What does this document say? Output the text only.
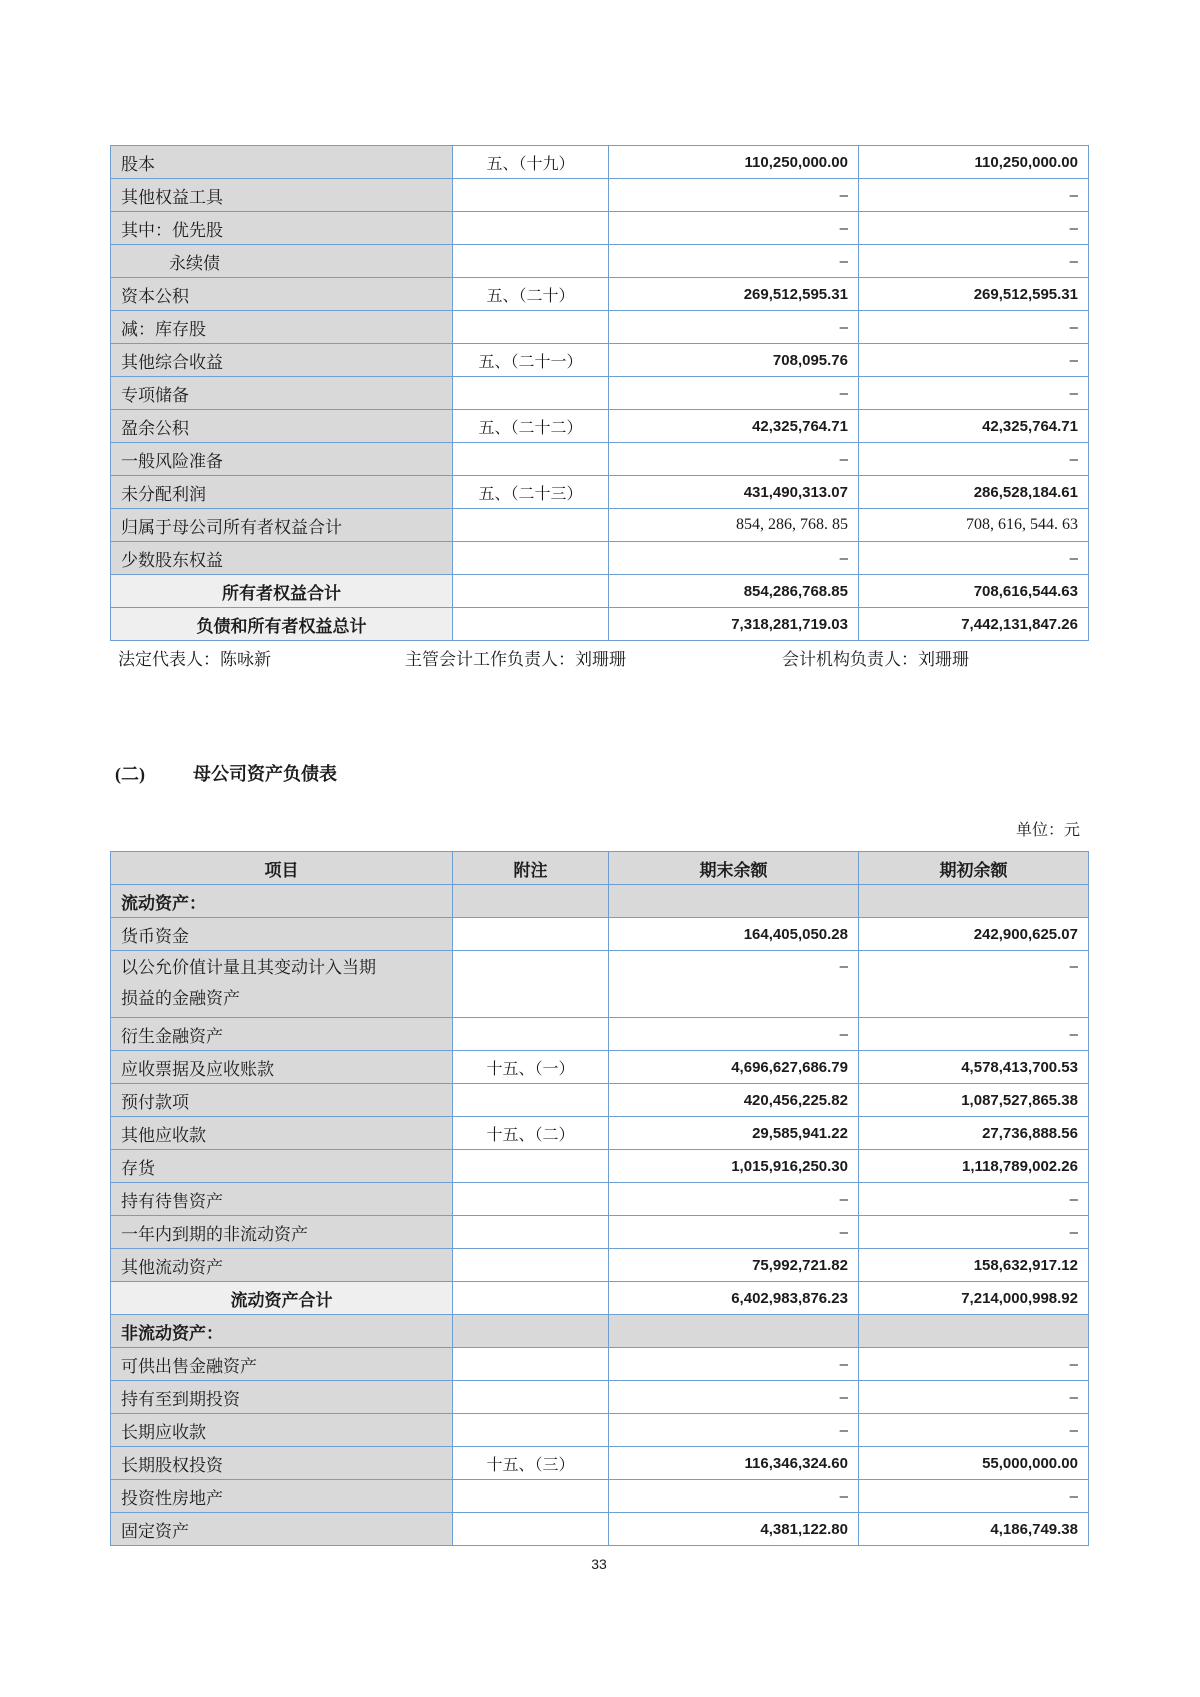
股本	五、（十九）	110,250,000.00	110,250,000.00
其他权益工具		–	–
其中：优先股		–	–
永续债		–	–
资本公积	五、（二十）	269,512,595.31	269,512,595.31
减：库存股		–	–
其他综合收益	五、（二十一）	708,095.76	–
专项储备		–	–
盈余公积	五、（二十二）	42,325,764.71	42,325,764.71
一般风险准备		–	–
未分配利润	五、（二十三）	431,490,313.07	286,528,184.61
归属于母公司所有者权益合计		854, 286, 768. 85	708, 616, 544. 63
少数股东权益		–	–
所有者权益合计		854,286,768.85	708,616,544.63
负债和所有者权益总计		7,318,281,719.03	7,442,131,847.26
法定代表人：陈咏新	主管会计工作负责人：刘珊珊	会计机构负责人：刘珊珊
(二)	母公司资产负债表
单位：元
项目	附注	期末余额	期初余额
流动资产：			
货币资金		164,405,050.28	242,900,625.07
以公允价值计量且其变动计入当期损益的金融资产		–	–
衍生金融资产		–	–
应收票据及应收账款	十五、（一）	4,696,627,686.79	4,578,413,700.53
预付款项		420,456,225.82	1,087,527,865.38
其他应收款	十五、（二）	29,585,941.22	27,736,888.56
存货		1,015,916,250.30	1,118,789,002.26
持有待售资产		–	–
一年内到期的非流动资产		–	–
其他流动资产		75,992,721.82	158,632,917.12
流动资产合计		6,402,983,876.23	7,214,000,998.92
非流动资产：			
可供出售金融资产		–	–
持有至到期投资		–	–
长期应收款		–	–
长期股权投资	十五、（三）	116,346,324.60	55,000,000.00
投资性房地产		–	–
固定资产		4,381,122.80	4,186,749.38
33
